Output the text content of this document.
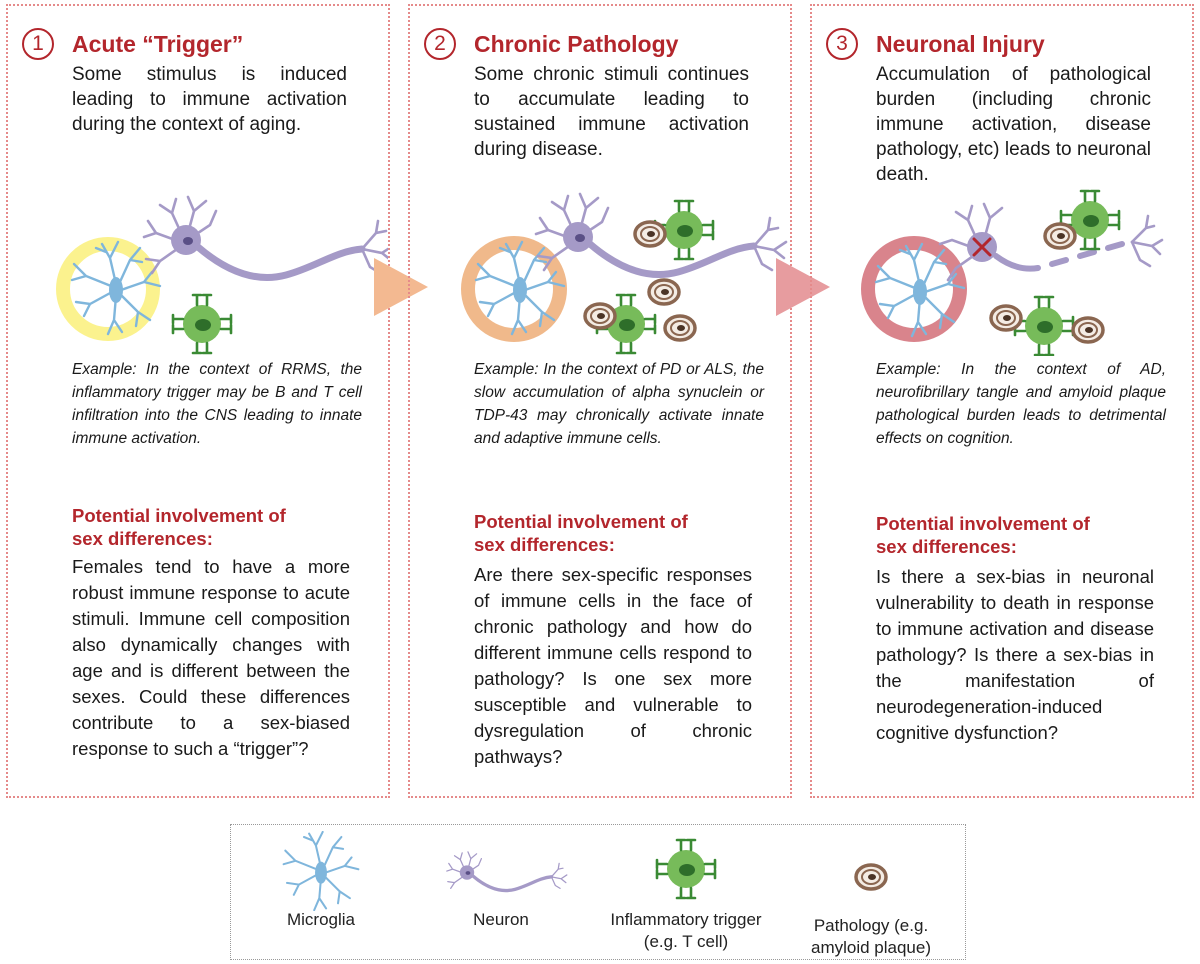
1	Acute “Trigger”
Some stimulus is induced leading to immune activation during the context of aging.
Example: In the context of RRMS, the inflammatory trigger may be B and T cell infiltration into the CNS leading to innate immune activation.
Potential involvement of
sex differences:
Females tend to have a more robust immune response to acute stimuli. Immune cell composition also dynamically changes with age and is different between the sexes. Could these differences contribute to a sex-biased response to such a “trigger”?
2	Chronic Pathology
Some chronic stimuli continues to accumulate leading to sustained immune activation during disease.
Example: In the context of PD or ALS, the slow accumulation of alpha synuclein or TDP-43 may chronically activate innate and adaptive immune cells.
Potential involvement of
sex differences:
Are there sex-specific responses of immune cells in the face of chronic pathology and how do different immune cells respond to pathology? Is one sex more susceptible and vulnerable to dysregulation of chronic pathways?
3	Neuronal Injury
Accumulation of pathological burden (including chronic immune activation, disease pathology, etc) leads to neuronal death.
Example: In the context of AD, neurofibrillary tangle and amyloid plaque pathological burden leads to detrimental effects on cognition.
Potential involvement of
sex differences:
Is there a sex-bias in neuronal vulnerability to death in response to immune activation and disease pathology? Is there a sex-bias in the manifestation of neurodegeneration-induced cognitive dysfunction?
Microglia	Neuron	Inflammatory trigger
(e.g. T cell)
Pathology (e.g.
amyloid plaque)
